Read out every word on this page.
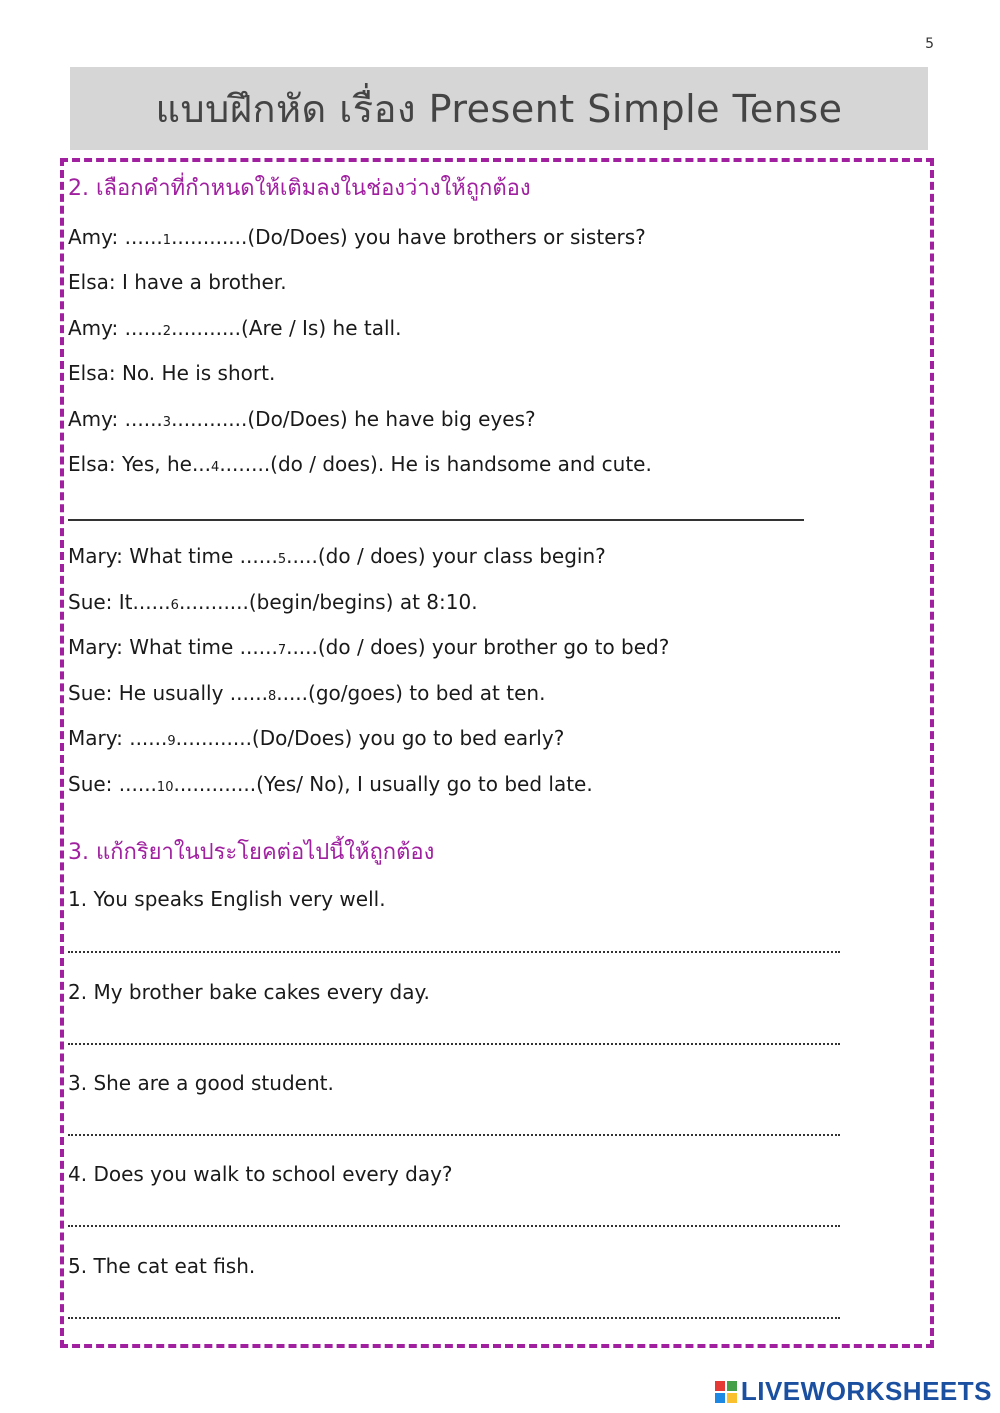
5
แบบฝึกหัด เรื่อง Present Simple Tense
2. เลือกคำที่กำหนดให้เติมลงในช่องว่างให้ถูกต้อง
Amy: ......1............(Do/Does) you have brothers or sisters?
Elsa: I have a brother.
Amy: ......2...........(Are / Is) he tall.
Elsa: No. He is short.
Amy: ......3............(Do/Does) he have big eyes?
Elsa: Yes, he...4........(do / does). He is handsome and cute.
Mary: What time ......5.....(do / does) your class begin?
Sue: It......6...........(begin/begins) at 8:10.
Mary: What time ......7.....(do / does) your brother go to bed?
Sue: He usually ......8.....(go/goes) to bed at ten.
Mary: ......9............(Do/Does) you go to bed early?
Sue: ......10.............(Yes/ No), I usually go to bed late.
3. แก้กริยาในประโยคต่อไปนี้ให้ถูกต้อง
1. You speaks English very well.
2. My brother bake cakes every day.
3. She are a good student.
4. Does you walk to school every day?
5. The cat eat fish.
LIVEWORKSHEETS
